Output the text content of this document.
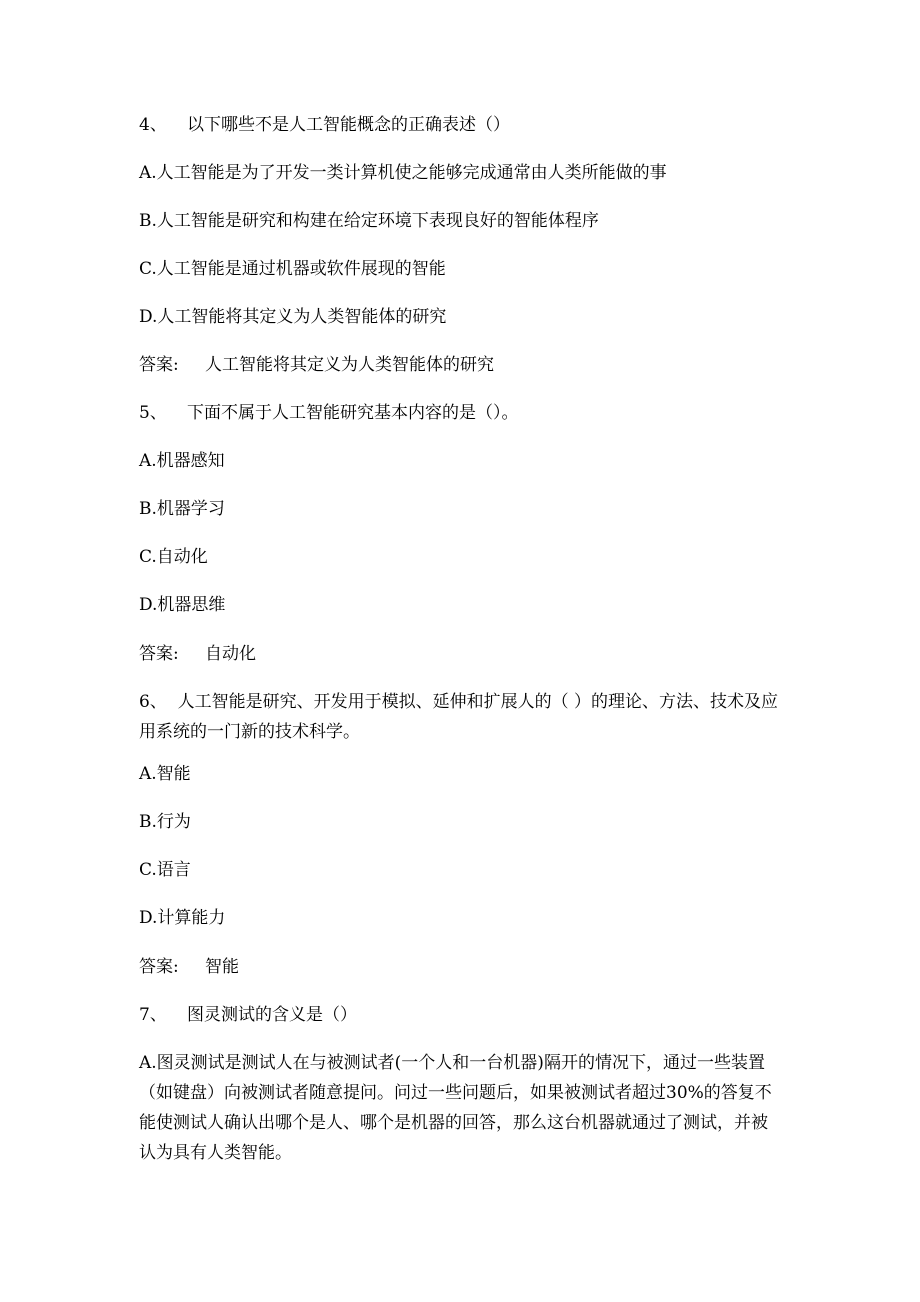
4、 以下哪些不是人工智能概念的正确表述（）
A.人工智能是为了开发一类计算机使之能够完成通常由人类所能做的事
B.人工智能是研究和构建在给定环境下表现良好的智能体程序
C.人工智能是通过机器或软件展现的智能
D.人工智能将其定义为人类智能体的研究
答案: 人工智能将其定义为人类智能体的研究
5、 下面不属于人工智能研究基本内容的是（）。
A.机器感知
B.机器学习
C.自动化
D.机器思维
答案: 自动化
6、 人工智能是研究、开发用于模拟、延伸和扩展人的（ ）的理论、方法、技术及应用系统的一门新的技术科学。
A.智能
B.行为
C.语言
D.计算能力
答案: 智能
7、 图灵测试的含义是（）
A.图灵测试是测试人在与被测试者(一个人和一台机器)隔开的情况下，通过一些装置（如键盘）向被测试者随意提问。问过一些问题后，如果被测试者超过30%的答复不能使测试人确认出哪个是人、哪个是机器的回答，那么这台机器就通过了测试，并被认为具有人类智能。
